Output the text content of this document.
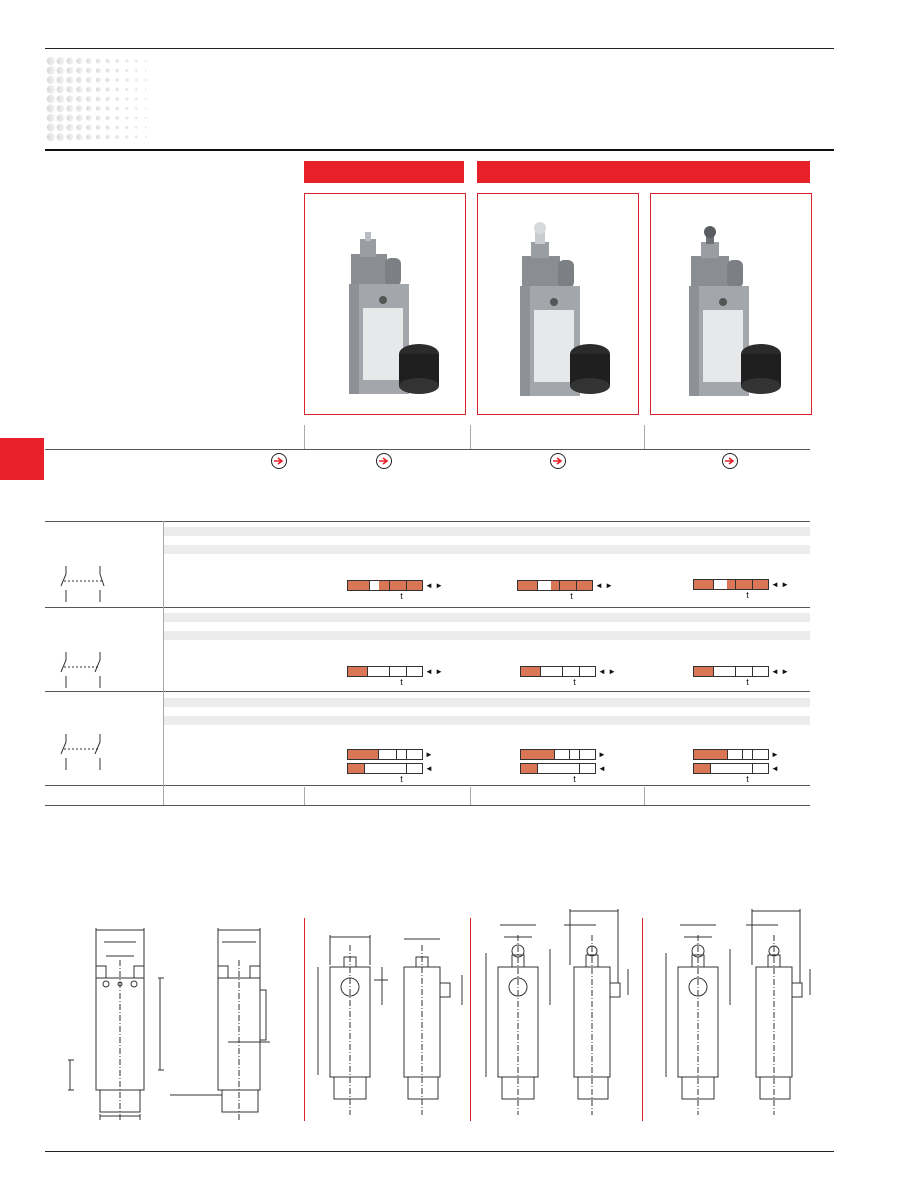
◄ ►
t
◄ ►
t
◄ ►
t
◄ ►
t
◄ ►
t
◄ ►
t
►
◄
t
►
◄
t
►
◄
t
